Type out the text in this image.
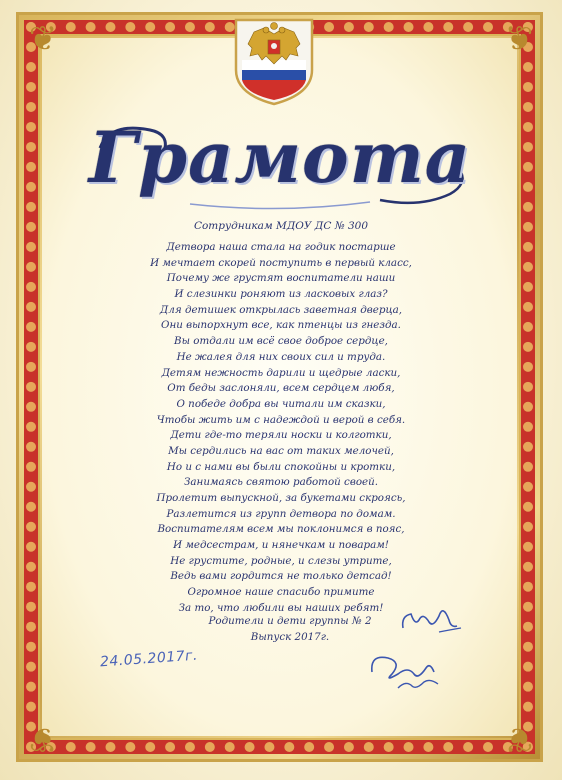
❦	❦
❦	❦
Грамота
Сотрудникам МДОУ ДС № 300
Детвора наша стала на годик постарше
И мечтает скорей поступить в первый класс,
Почему же грустят воспитатели наши
И слезинки роняют из ласковых глаз?
Для детишек открылась заветная дверца,
Они выпорхнут все, как птенцы из гнезда.
Вы отдали им всё свое доброе сердце,
Не жалея для них своих сил и труда.
Детям нежность дарили и щедрые ласки,
От беды заслоняли, всем сердцем любя,
О победе добра вы читали им сказки,
Чтобы жить им с надеждой и верой в себя.
Дети где-то теряли носки и колготки,
Мы сердились на вас от таких мелочей,
Но и с нами вы были спокойны и кротки,
Занимаясь святою работой своей.
Пролетит выпускной, за букетами скроясь,
Разлетится из групп детвора по домам.
Воспитателям всем мы поклонимся в пояс,
И медсестрам, и нянечкам и поварам!
Не грустите, родные, и слезы утрите,
Ведь вами гордится не только детсад!
Огромное наше спасибо примите
За то, что любили вы наших ребят!
Родители и дети группы № 2
Выпуск 2017г.
24.05.2017г.
